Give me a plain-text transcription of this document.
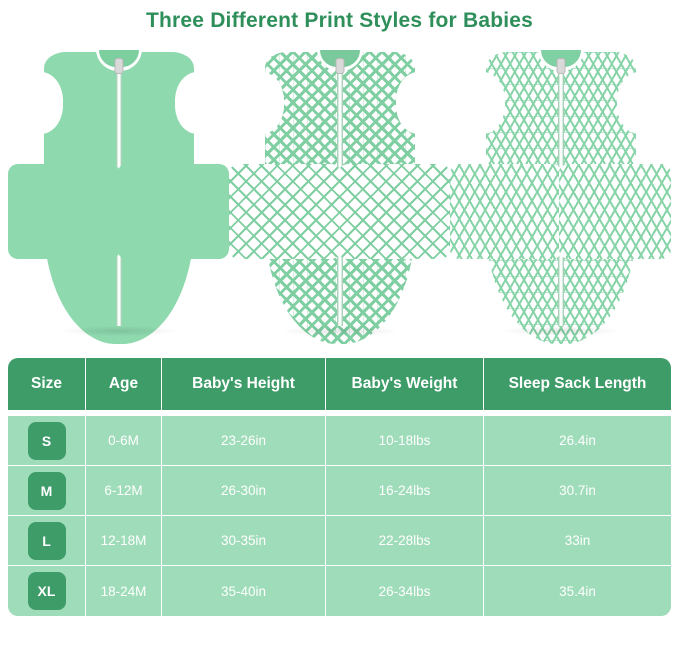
Three Different Print Styles for Babies
Size	Age	Baby's Height	Baby's Weight	Sleep Sack Length

S	0-6M	23-26in	10-18lbs	26.4in
M	6-12M	26-30in	16-24lbs	30.7in
L	12-18M	30-35in	22-28lbs	33in
XL	18-24M	35-40in	26-34lbs	35.4in
